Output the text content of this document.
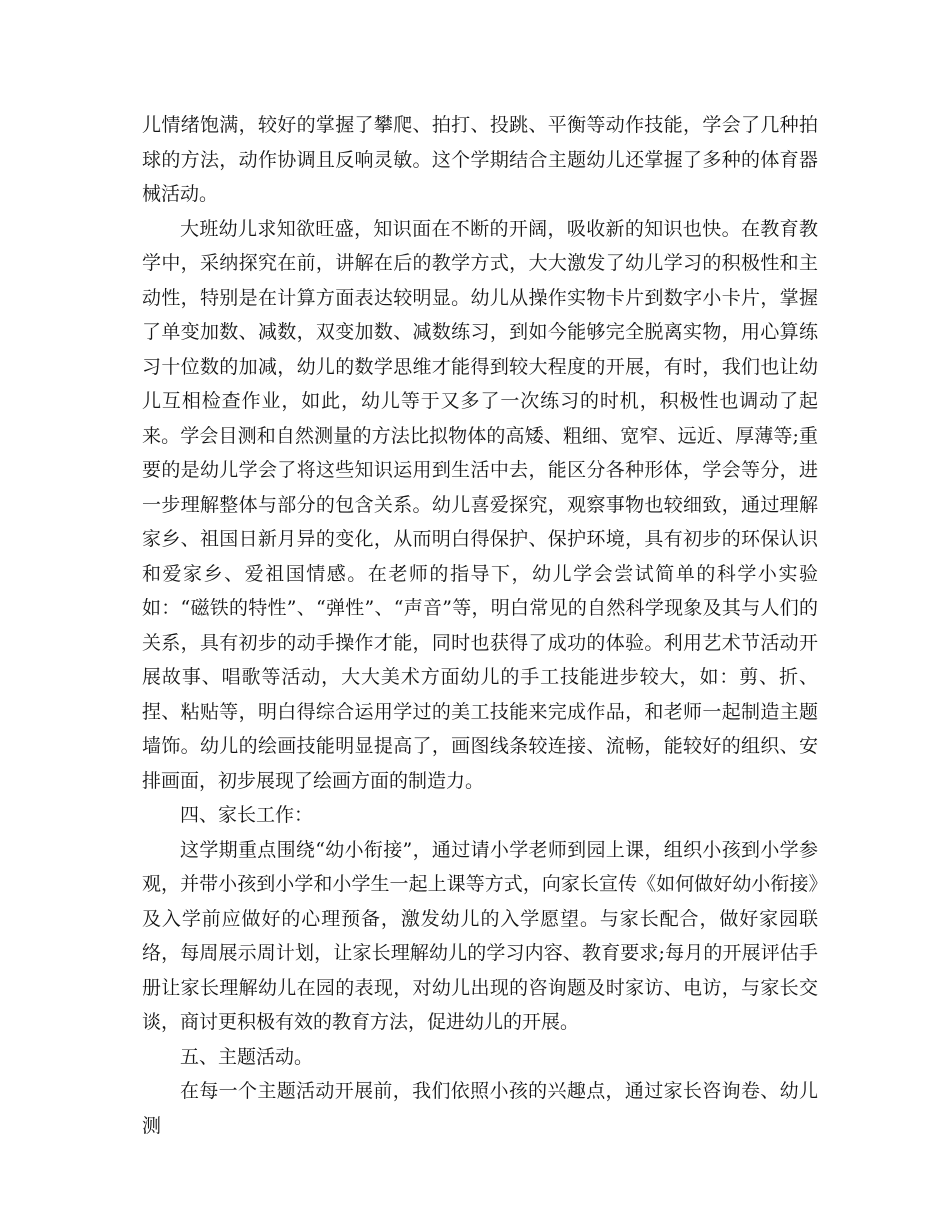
儿情绪饱满，较好的掌握了攀爬、拍打、投跳、平衡等动作技能，学会了几种拍球的方法，动作协调且反响灵敏。这个学期结合主题幼儿还掌握了多种的体育器械活动。

大班幼儿求知欲旺盛，知识面在不断的开阔，吸收新的知识也快。在教育教学中，采纳探究在前，讲解在后的教学方式，大大激发了幼儿学习的积极性和主动性，特别是在计算方面表达较明显。幼儿从操作实物卡片到数字小卡片，掌握了单变加数、减数，双变加数、减数练习，到如今能够完全脱离实物，用心算练习十位数的加减，幼儿的数学思维才能得到较大程度的开展，有时，我们也让幼儿互相检查作业，如此，幼儿等于又多了一次练习的时机，积极性也调动了起来。学会目测和自然测量的方法比拟物体的高矮、粗细、宽窄、远近、厚薄等;重要的是幼儿学会了将这些知识运用到生活中去，能区分各种形体，学会等分，进一步理解整体与部分的包含关系。幼儿喜爱探究，观察事物也较细致，通过理解家乡、祖国日新月异的变化，从而明白得保护、保护环境，具有初步的环保认识和爱家乡、爱祖国情感。在老师的指导下，幼儿学会尝试简单的科学小实验如：“磁铁的特性”、“弹性”、“声音”等，明白常见的自然科学现象及其与人们的关系，具有初步的动手操作才能，同时也获得了成功的体验。利用艺术节活动开展故事、唱歌等活动，大大美术方面幼儿的手工技能进步较大，如：剪、折、捏、粘贴等，明白得综合运用学过的美工技能来完成作品，和老师一起制造主题墙饰。幼儿的绘画技能明显提高了，画图线条较连接、流畅，能较好的组织、安排画面，初步展现了绘画方面的制造力。

四、家长工作：

这学期重点围绕“幼小衔接”，通过请小学老师到园上课，组织小孩到小学参观，并带小孩到小学和小学生一起上课等方式，向家长宣传《如何做好幼小衔接》及入学前应做好的心理预备，激发幼儿的入学愿望。与家长配合，做好家园联络，每周展示周计划，让家长理解幼儿的学习内容、教育要求;每月的开展评估手册让家长理解幼儿在园的表现，对幼儿出现的咨询题及时家访、电访，与家长交谈，商讨更积极有效的教育方法，促进幼儿的开展。

五、主题活动。

在每一个主题活动开展前，我们依照小孩的兴趣点，通过家长咨询卷、幼儿测
